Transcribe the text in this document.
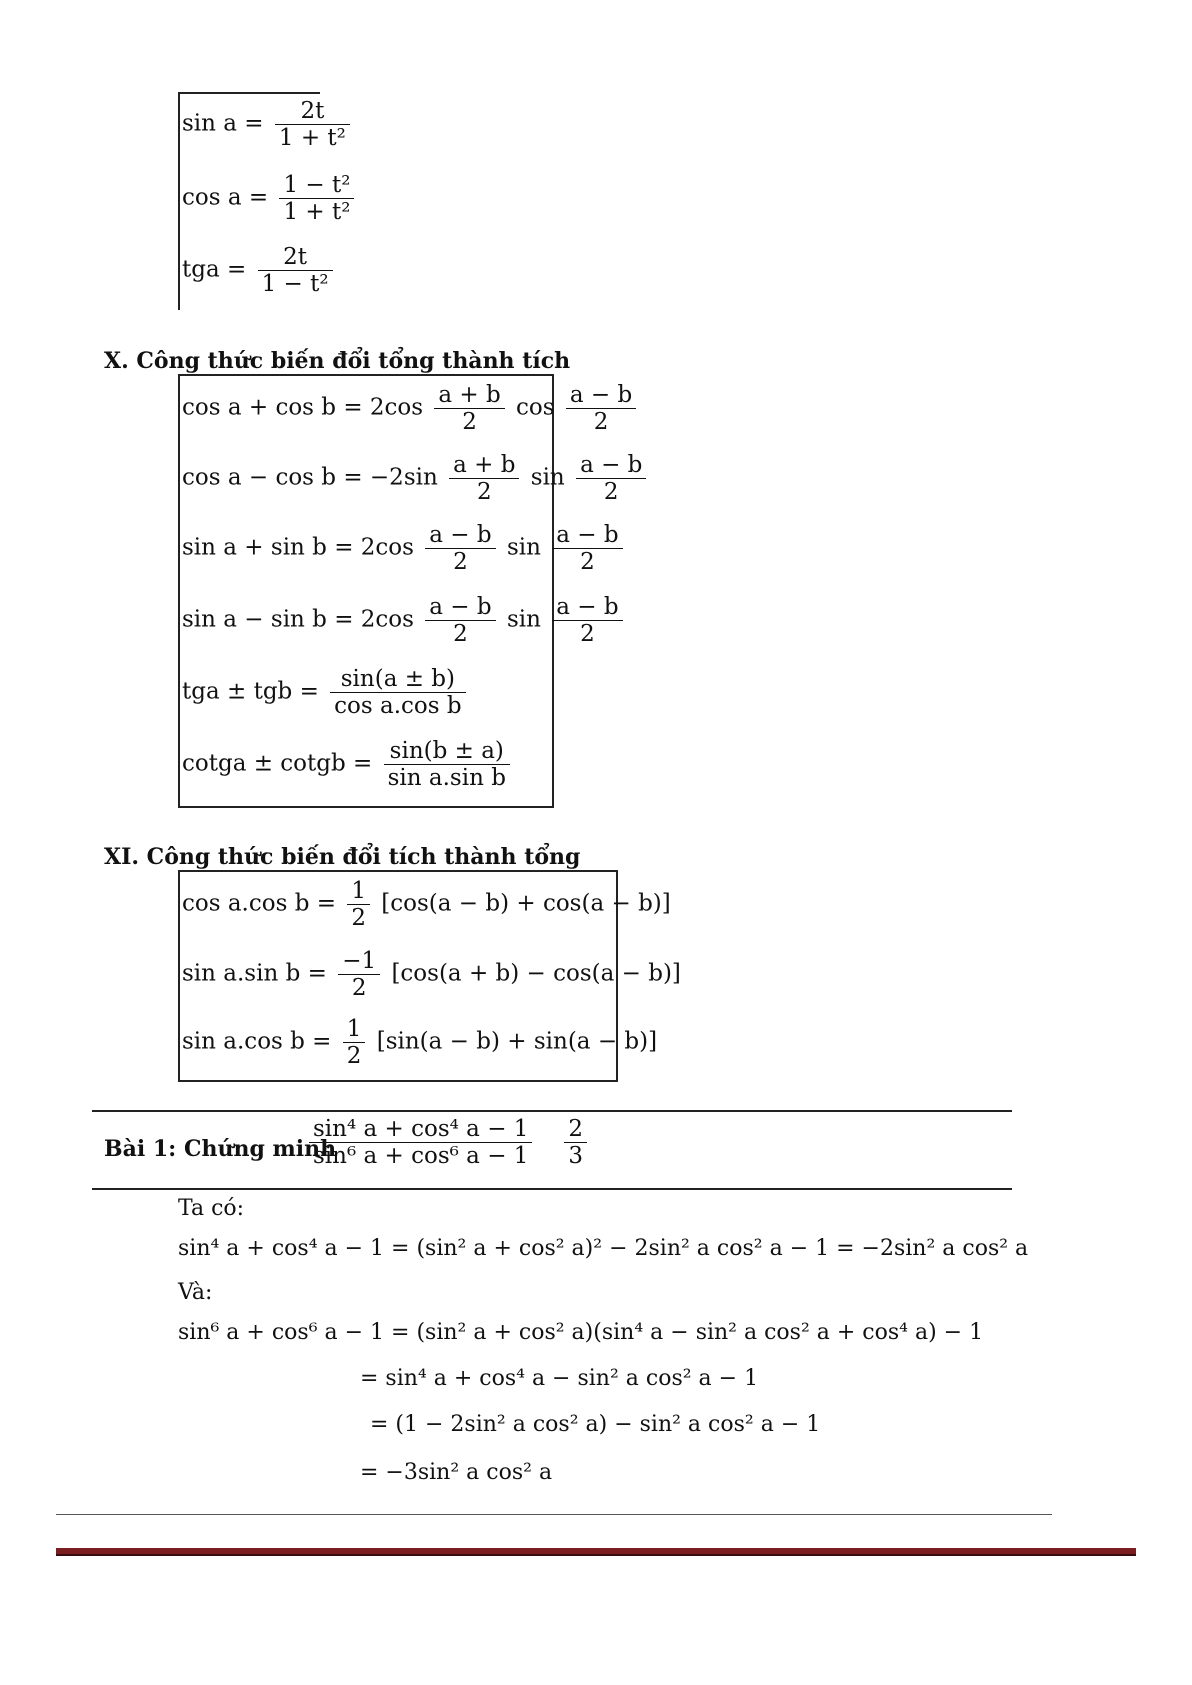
$\sin a = \frac{2t}{\text{1 + t²}}$
$\cos a = \frac{\text{1 − t²}}{\text{1 + t²}}$
tga = $\frac{2t}{\text{1 − t²}}$
X. Công thức biến đổi tổng thành tích
$\cos a + \cos b = 2\cos \frac{a + b}{2}$ $\cos \frac{a - b}{2}$
$\cos a - \cos b = -2\sin \frac{a + b}{2}$ $\sin \frac{a - b}{2}$
$\sin a + \sin b = 2\cos \frac{a - b}{2}$ $\sin \frac{a - b}{2}$
$\sin a - \sin b = 2\cos \frac{a - b}{2}$ $\sin \frac{a - b}{2}$
tga ± tgb = $\frac{\sin(a \pm b)}{\text{cos a.cos b}}$
cotga ± cotgb = $\frac{\sin(b \pm a)}{\text{sin a.sin b}}$
XI. Công thức biến đổi tích thành tổng
cos a.cos $b = \frac{1}{2} [\cos(a - b) + \cos(a - b)]$
sin a.sin $b = \frac{-1}{2} [\cos(a + b) - \cos(a - b)]$
sin a.cos $b = \frac{1}{2} [\sin(a - b) + \sin(a - b)]$
Bài 1: Chứng minh
$\frac{\text{sin⁴ a + cos⁴ a − 1}}{\text{sin⁶ a + cos⁶ a − 1}} \frac{2}{3}$
Ta có:
sin⁴ a + cos⁴ a − 1 = (sin² a + cos² a)² − 2sin² a cos² a − 1 = −2sin² a cos² a
Và:
sin⁶ a + cos⁶ a − 1 = (sin² a + cos² a)(sin⁴ a − sin² a cos² a + cos⁴ a) − 1
= sin⁴ a + cos⁴ a − sin² a cos² a − 1
= (1 − 2sin² a cos² a) − sin² a cos² a − 1
= −3sin² a cos² a
